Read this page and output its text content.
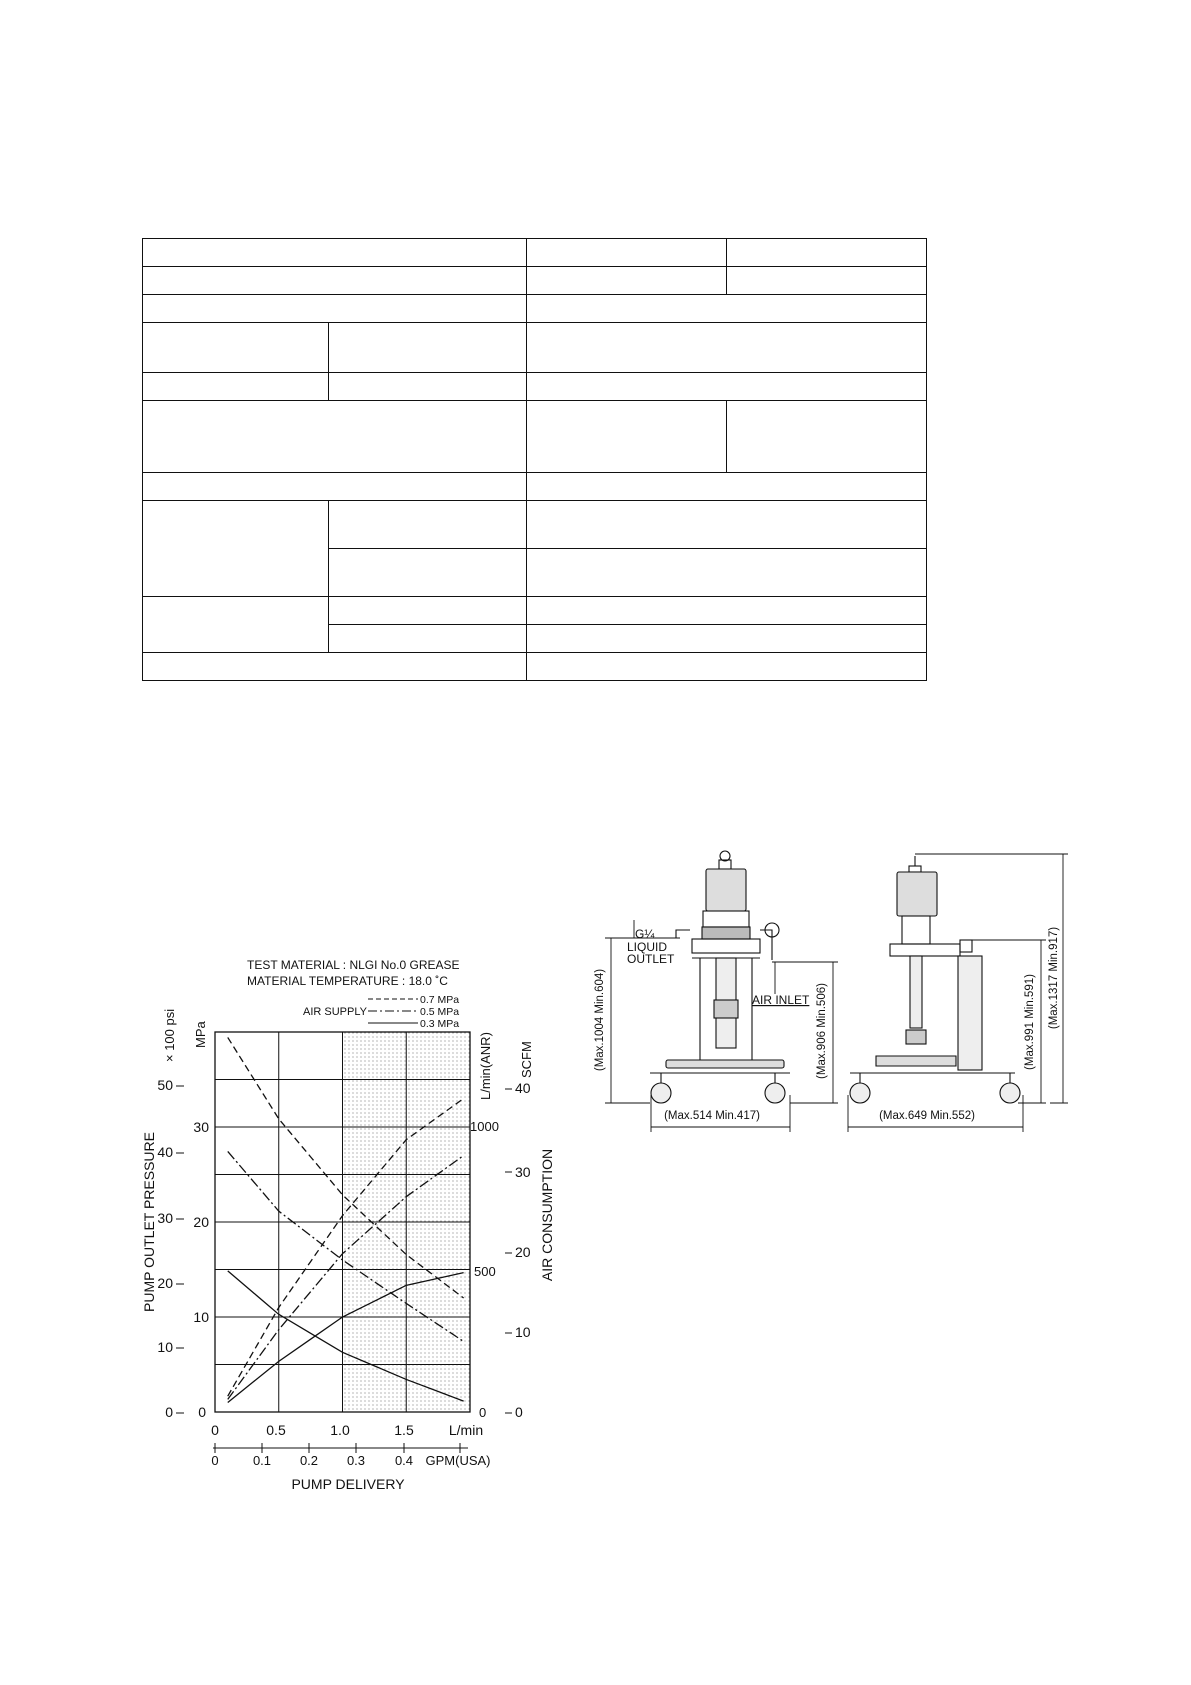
TEST MATERIAL : NLGI No.0 GREASE
MATERIAL TEMPERATURE : 18.0 ˚C
AIR SUPPLY
0.7 MPa
0.5 MPa
0.3 MPa
PUMP OUTLET PRESSURE
× 100 psi MPa
0
10
20
30
40
50
0
10
20
30
AIR CONSUMPTION
L/min(ANR) SCFM
0
500
1000
0
10
20
30
40
0	0.5	1.0	1.5	L/min
0	0.1 0.2 0.3 0.4 GPM(USA)
PUMP DELIVERY
G¼
LIQUID
OUTLET
AIR INLET
(Max.1004 Min.604)	(Max.906 Min.506)
(Max.514 Min.417)
(Max.991 Min.591) (Max.1317 Min.917)
(Max.649 Min.552)
